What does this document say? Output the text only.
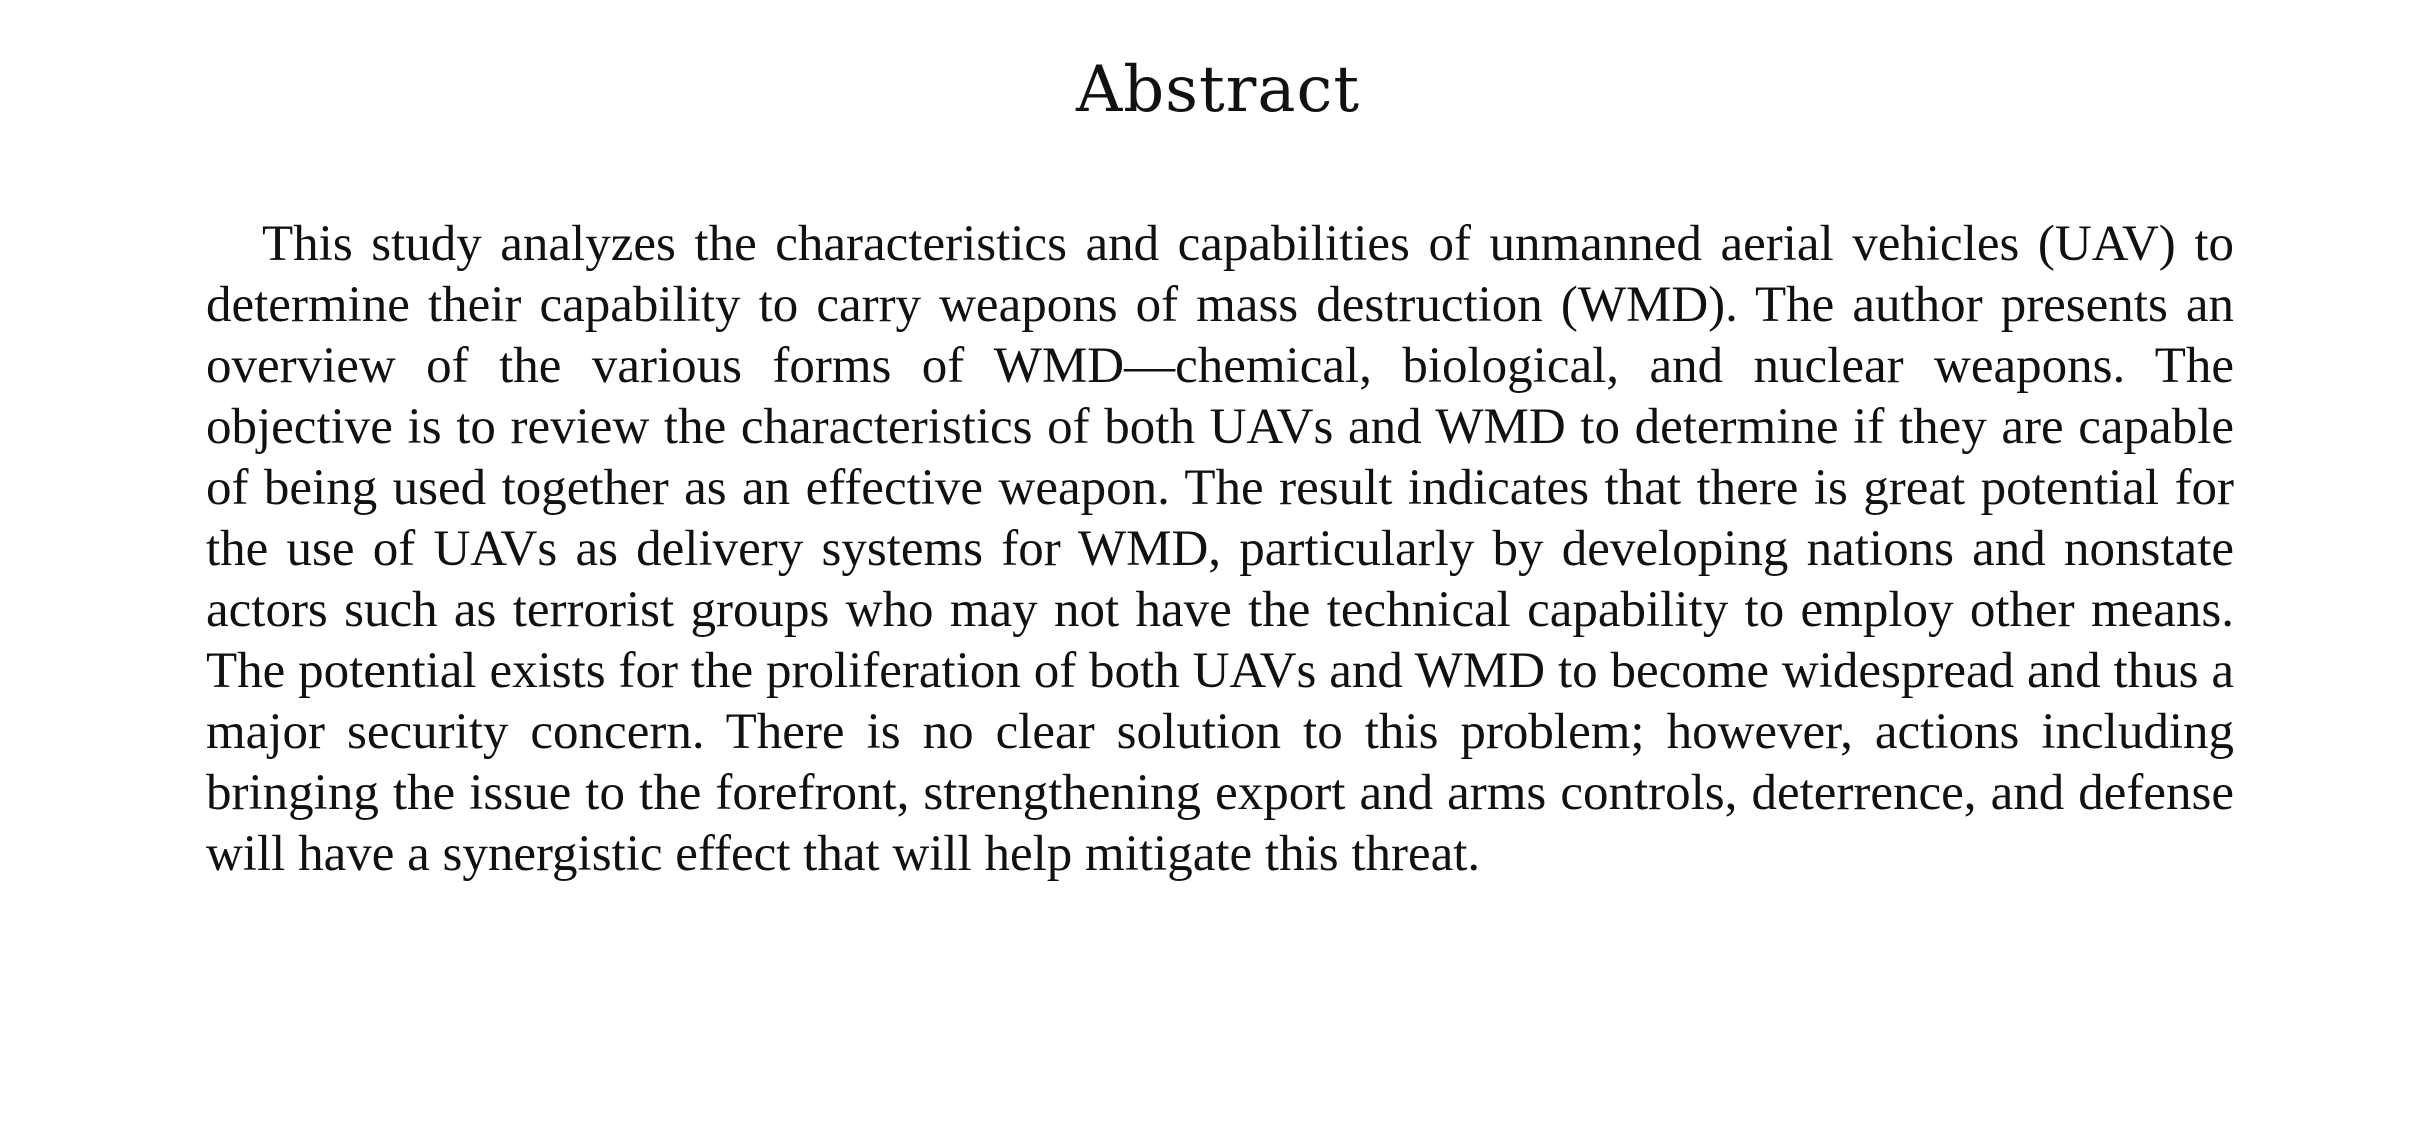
Abstract

This study analyzes the characteristics and capabilities of unmanned aerial vehicles (UAV) to determine their capability to carry weapons of mass destruction (WMD). The author presents an overview of the various forms of WMD—chemical, biological, and nuclear weapons. The objective is to review the characteristics of both UAVs and WMD to determine if they are capable of being used together as an effective weapon. The result indicates that there is great potential for the use of UAVs as delivery systems for WMD, particularly by developing nations and nonstate actors such as terrorist groups who may not have the technical capability to employ other means. The potential exists for the proliferation of both UAVs and WMD to become widespread and thus a major security concern. There is no clear solution to this problem; however, actions including bringing the issue to the forefront, strengthening export and arms controls, deterrence, and defense will have a synergistic effect that will help mitigate this threat.
